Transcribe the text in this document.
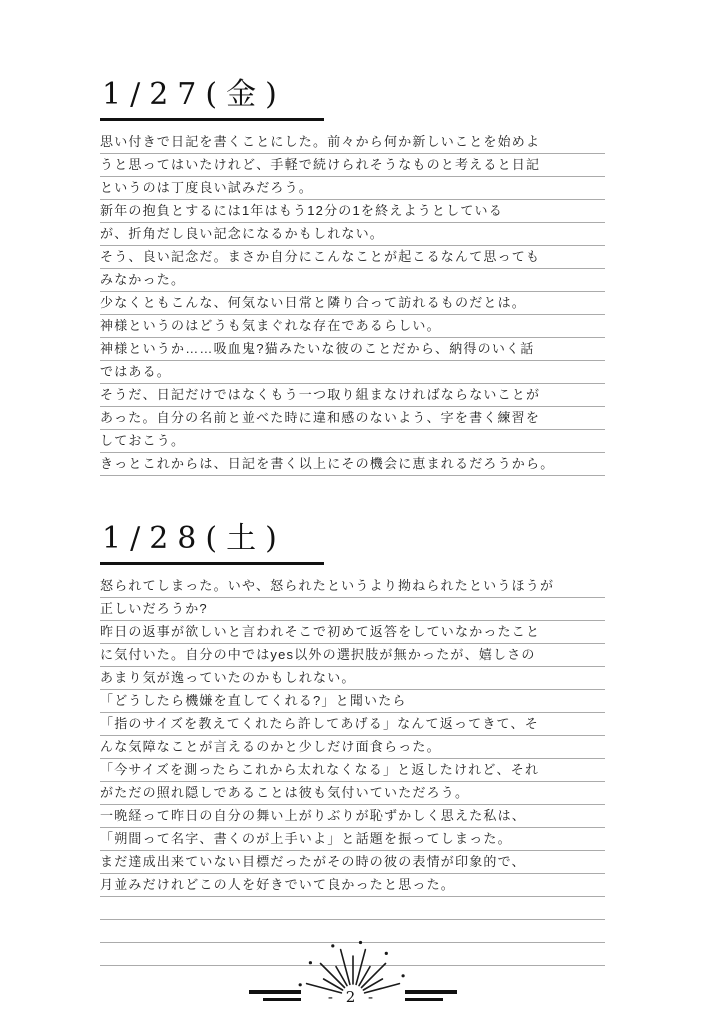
1/27(金)
思い付きで日記を書くことにした。前々から何か新しいことを始めよ
うと思ってはいたけれど、手軽で続けられそうなものと考えると日記
というのは丁度良い試みだろう。
新年の抱負とするには1年はもう12分の1を終えようとしている
が、折角だし良い記念になるかもしれない。
そう、良い記念だ。まさか自分にこんなことが起こるなんて思っても
みなかった。
少なくともこんな、何気ない日常と隣り合って訪れるものだとは。
神様というのはどうも気まぐれな存在であるらしい。
神様というか……吸血鬼?猫みたいな彼のことだから、納得のいく話
ではある。
そうだ、日記だけではなくもう一つ取り組まなければならないことが
あった。自分の名前と並べた時に違和感のないよう、字を書く練習を
しておこう。
きっとこれからは、日記を書く以上にその機会に恵まれるだろうから。
1/28(土)
怒られてしまった。いや、怒られたというより拗ねられたというほうが
正しいだろうか?
昨日の返事が欲しいと言われそこで初めて返答をしていなかったこと
に気付いた。自分の中ではyes以外の選択肢が無かったが、嬉しさの
あまり気が逸っていたのかもしれない。
「どうしたら機嫌を直してくれる?」と聞いたら
「指のサイズを教えてくれたら許してあげる」なんて返ってきて、そ
んな気障なことが言えるのかと少しだけ面食らった。
「今サイズを測ったらこれから太れなくなる」と返したけれど、それ
がただの照れ隠しであることは彼も気付いていただろう。
一晩経って昨日の自分の舞い上がりぶりが恥ずかしく思えた私は、
「朔間って名字、書くのが上手いよ」と話題を振ってしまった。
まだ達成出来ていない目標だったがその時の彼の表情が印象的で、
月並みだけれどこの人を好きでいて良かったと思った。
- 2 -
